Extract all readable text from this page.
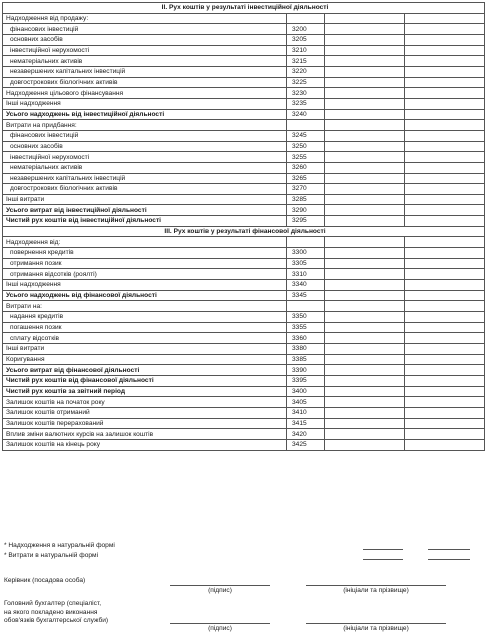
II. Рух коштів у результаті інвестиційної діяльності			
Надходження від продажу:			
фінансових інвестицій	3200		
основних засобів	3205		
інвестиційної нерухомості	3210		
нематеріальних активів	3215		
незавершених капітальних інвестицій	3220		
довгострокових біологічних активів	3225		
Надходження цільового фінансування	3230		
Інші надходження	3235		
Усього надходжень від інвестиційної діяльності	3240		
Витрати на придбання:			
фінансових інвестицій	3245		
основних засобів	3250		
інвестиційної нерухомості	3255		
нематеріальних активів	3260		
незавершених капітальних інвестицій	3265		
довгострокових біологічних активів	3270		
Інші витрати	3285		
Усього витрат від інвестиційної діяльності	3290		
Чистий рух коштів від інвестиційної діяльності	3295		
III. Рух коштів у результаті фінансової діяльності			
Надходження від:			
повернення кредитів	3300		
отримання позик	3305		
отримання відсотків (роялті)	3310		
Інші надходження	3340		
Усього надходжень від фінансової діяльності	3345		
Витрати на:			
надання кредитів	3350		
погашення позик	3355		
сплату відсотків	3360		
Інші витрати	3380		
Коригування	3385		
Усього витрат від фінансової діяльності	3390		
Чистий рух коштів від фінансової діяльності	3395		
Чистий рух коштів за звітний період	3400		
Залишок коштів на початок року	3405		
Залишок коштів отриманий	3410		
Залишок коштів перерахований	3415		
Вплив зміни валютних курсів на залишок коштів	3420		
Залишок коштів на кінець року	3425		
* Надходження в натуральній формі
* Витрати в натуральній формі
Керівник (посадова особа)
(підпис)	(ініціали та прізвище)
Головний бухгалтер (спеціаліст,
на якого покладено виконання
обов'язків бухгалтерської служби)
(підпис)	(ініціали та прізвище)
